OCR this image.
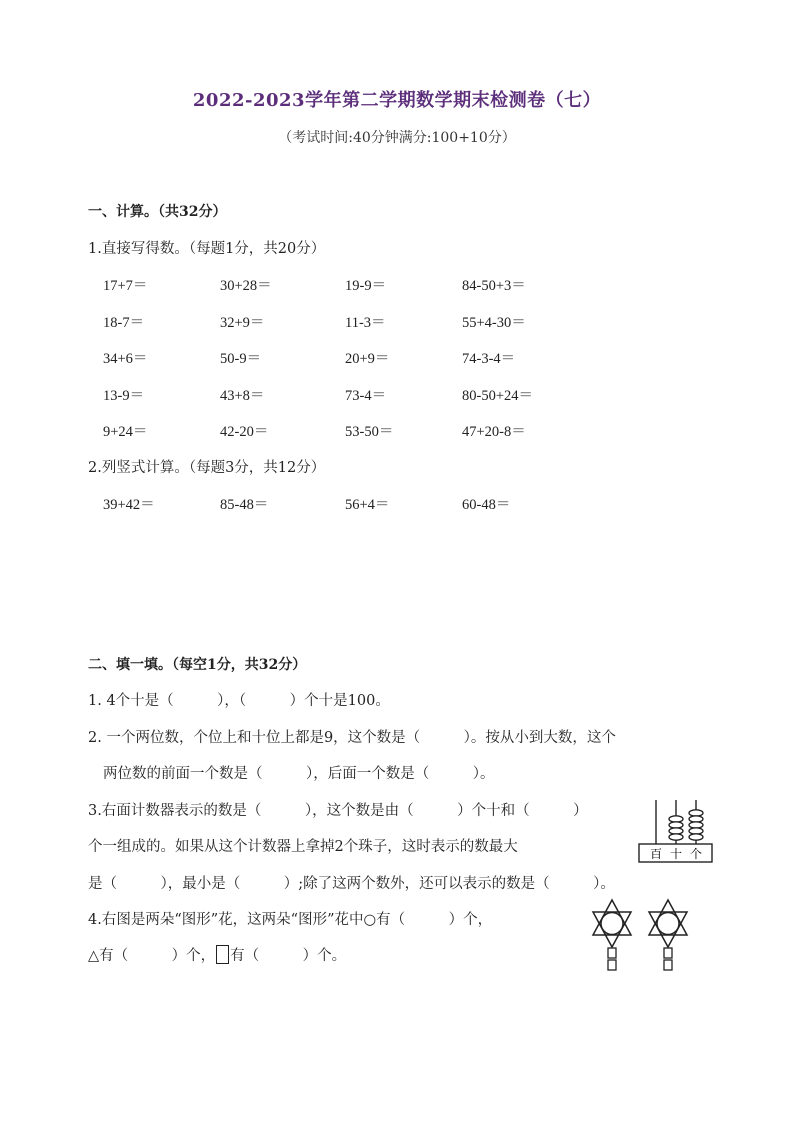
2022-2023学年第二学期数学期末检测卷（七）
（考试时间:40分钟满分:100+10分）
一、计算。（共32分）
1.直接写得数。（每题1分，共20分）
17+7＝	30+28＝	19-9＝	84-50+3＝
18-7＝	32+9＝	11-3＝	55+4-30＝
34+6＝	50-9＝	20+9＝	74-3-4＝
13-9＝	43+8＝	73-4＝	80-50+24＝
9+24＝	42-20＝	53-50＝	47+20-8＝
2.列竖式计算。（每题3分，共12分）
39+42＝	85-48＝	56+4＝	60-48＝
二、填一填。（每空1分，共32分）
1. 4个十是（　　　），（　　　）个十是100。
2. 一个两位数，个位上和十位上都是9，这个数是（　　　）。按从小到大数，这个
两位数的前面一个数是（　　　），后面一个数是（　　　）。
3.右面计数器表示的数是（　　　），这个数是由（　　　）个十和（　　　）
个一组成的。如果从这个计数器上拿掉2个珠子，这时表示的数最大
是（　　　），最小是（　　　）;除了这两个数外，还可以表示的数是（　　　）。
4.右图是两朵“图形”花，这两朵“图形”花中○有（　　　）个，
△有（　　　）个， 有（　　　）个。
百 十 个
